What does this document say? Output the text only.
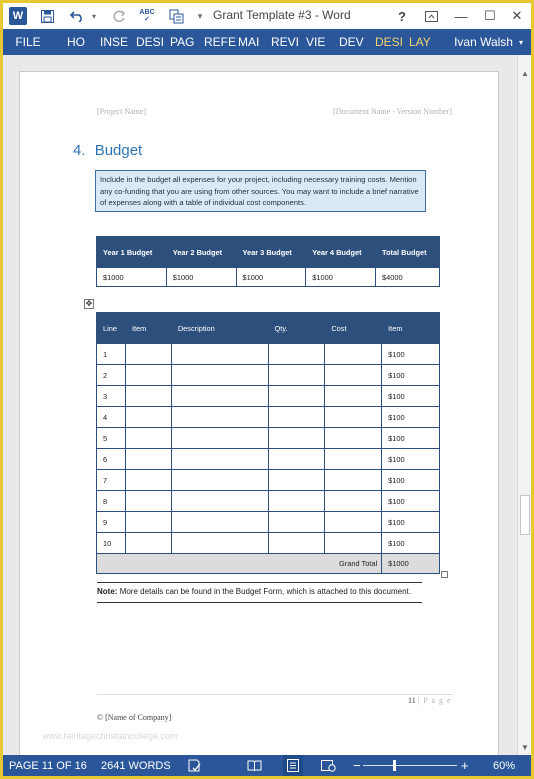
W	▾	ABC
✓	▾ Grant Template #3 - Word	?	—	☐	✕
FILE	HO INSE DESI PAG REFE MAI REVI VIE DEV DESI LAY Ivan Walsh ▾
[Project Name]	[Document Name - Version Number]
4. Budget
Include in the budget all expenses for your project, including necessary training costs. Mention any co-funding that you are using from other sources. You may want to include a brief narrative of expenses along with a table of individual cost components.
Year 1 Budget	Year 2 Budget	Year 3 Budget	Year 4 Budget	Total Budget
$1000	$1000	$1000	$1000	$4000
✥
Line	Item	Description	Qty.	Cost	Item
1					$100
2					$100
3					$100
4					$100
5					$100
6					$100
7					$100
8					$100
9					$100
10					$100
Grand Total					$1000
Note: More details can be found in the Budget Form, which is attached to this document.
11 | P a g e
© [Name of Company]
www.heritagechristiancollege.com
▲
▼
PAGE 11 OF 16 2641 WORDS	−	+ 60%
